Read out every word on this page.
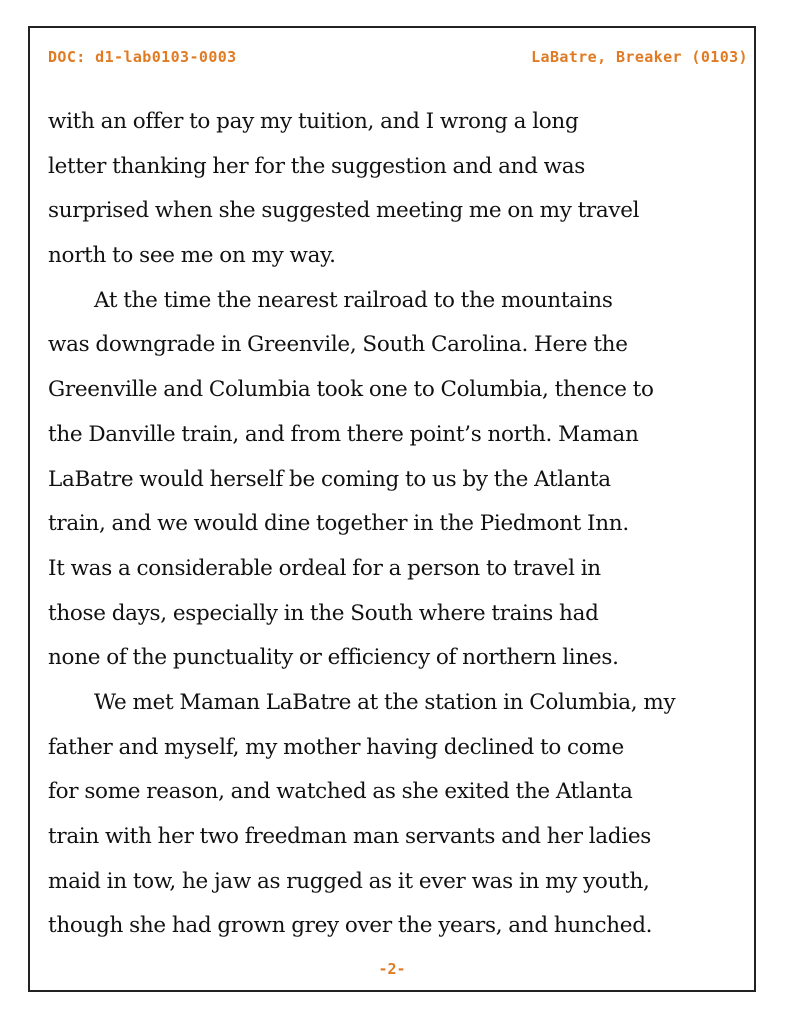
DOC: d1-lab0103-0003	LaBatre, Breaker (0103)
with an offer to pay my tuition, and I wrong a long
letter thanking her for the suggestion and and was
surprised when she suggested meeting me on my travel
north to see me on my way.
At the time the nearest railroad to the mountains
was downgrade in Greenvile, South Carolina. Here the
Greenville and Columbia took one to Columbia, thence to
the Danville train, and from there point’s north. Maman
LaBatre would herself be coming to us by the Atlanta
train, and we would dine together in the Piedmont Inn.
It was a considerable ordeal for a person to travel in
those days, especially in the South where trains had
none of the punctuality or efficiency of northern lines.
We met Maman LaBatre at the station in Columbia, my
father and myself, my mother having declined to come
for some reason, and watched as she exited the Atlanta
train with her two freedman man servants and her ladies
maid in tow, he jaw as rugged as it ever was in my youth,
though she had grown grey over the years, and hunched.
-2-
